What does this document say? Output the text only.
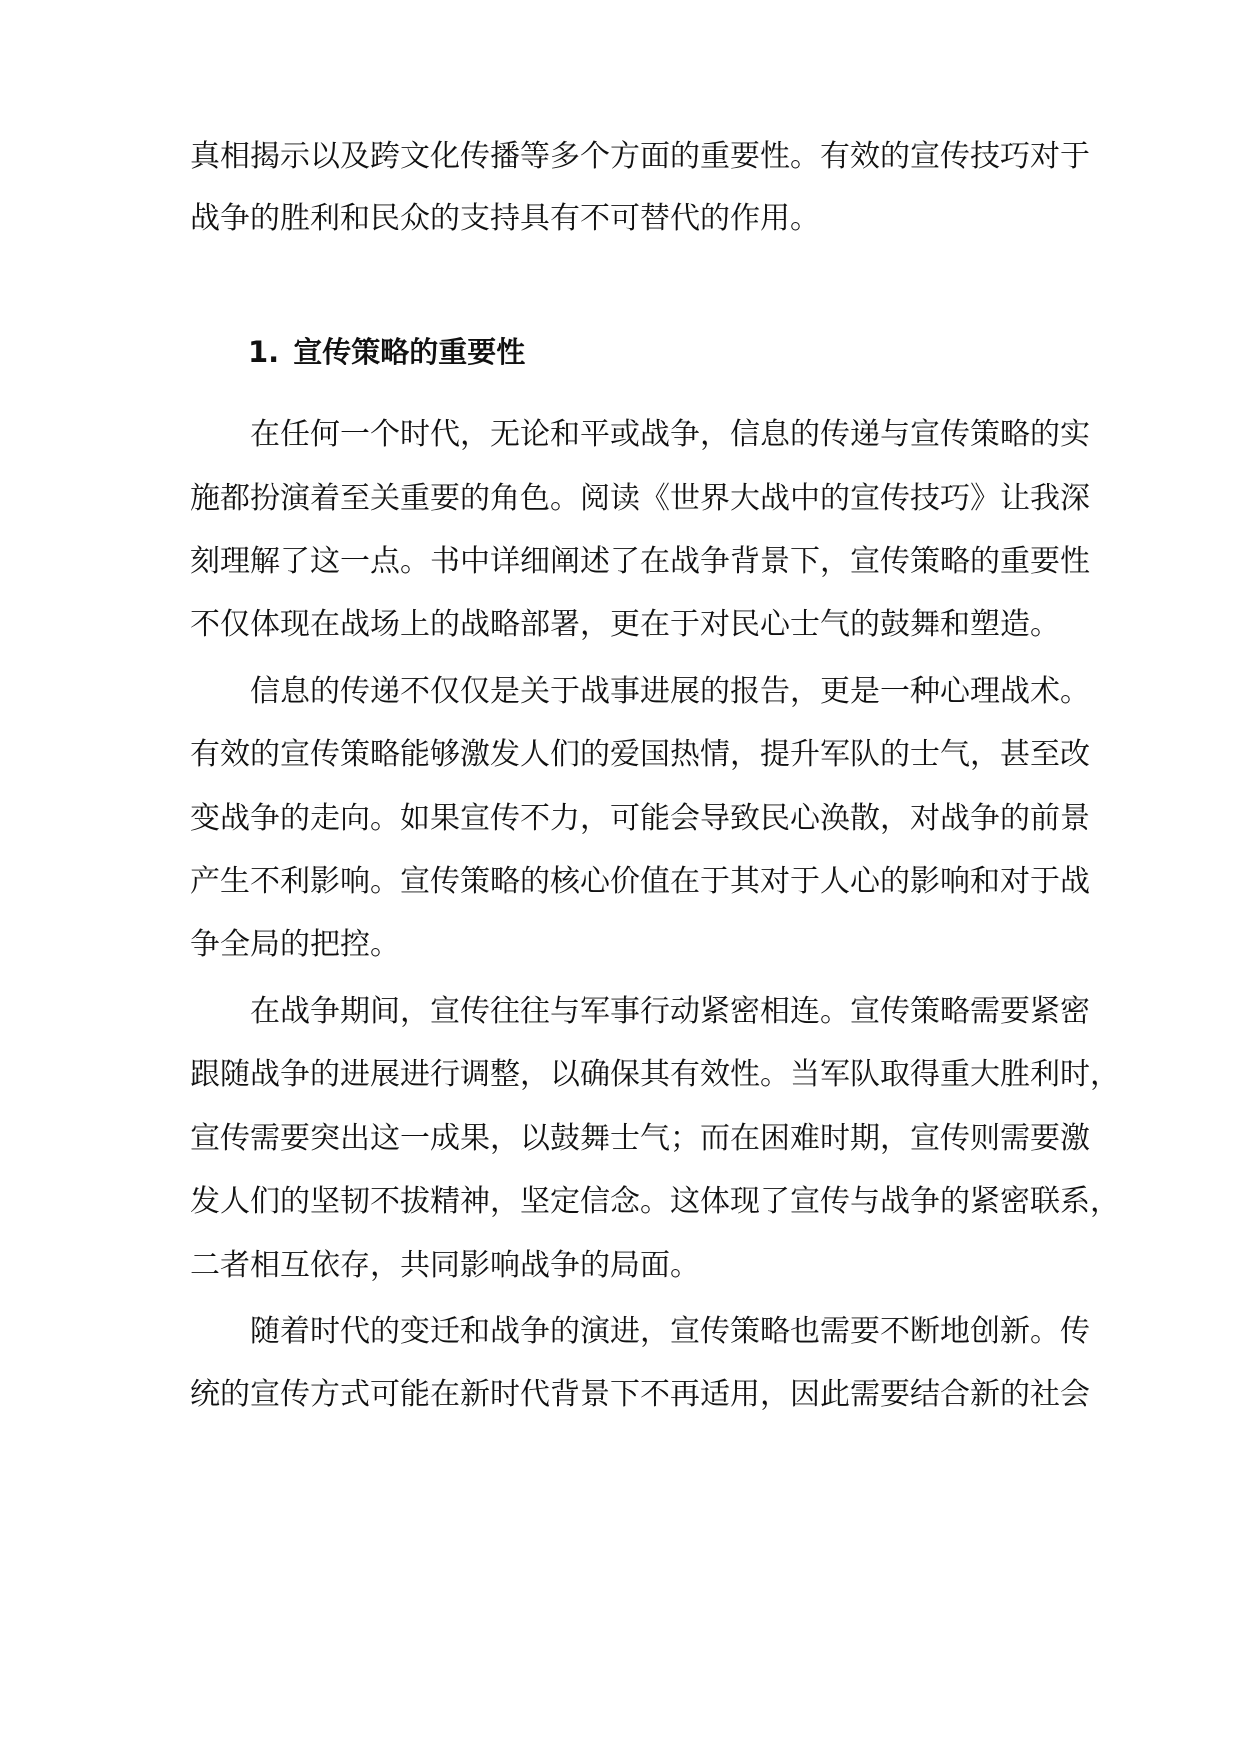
真相揭示以及跨文化传播等多个方面的重要性。有效的宣传技巧对于
战争的胜利和民众的支持具有不可替代的作用。
1. 宣传策略的重要性
在任何一个时代，无论和平或战争，信息的传递与宣传策略的实
施都扮演着至关重要的角色。阅读《世界大战中的宣传技巧》让我深
刻理解了这一点。书中详细阐述了在战争背景下，宣传策略的重要性
不仅体现在战场上的战略部署，更在于对民心士气的鼓舞和塑造。
信息的传递不仅仅是关于战事进展的报告，更是一种心理战术。
有效的宣传策略能够激发人们的爱国热情，提升军队的士气，甚至改
变战争的走向。如果宣传不力，可能会导致民心涣散，对战争的前景
产生不利影响。宣传策略的核心价值在于其对于人心的影响和对于战
争全局的把控。
在战争期间，宣传往往与军事行动紧密相连。宣传策略需要紧密
跟随战争的进展进行调整，以确保其有效性。当军队取得重大胜利时，
宣传需要突出这一成果，以鼓舞士气；而在困难时期，宣传则需要激
发人们的坚韧不拔精神，坚定信念。这体现了宣传与战争的紧密联系，
二者相互依存，共同影响战争的局面。
随着时代的变迁和战争的演进，宣传策略也需要不断地创新。传
统的宣传方式可能在新时代背景下不再适用，因此需要结合新的社会
